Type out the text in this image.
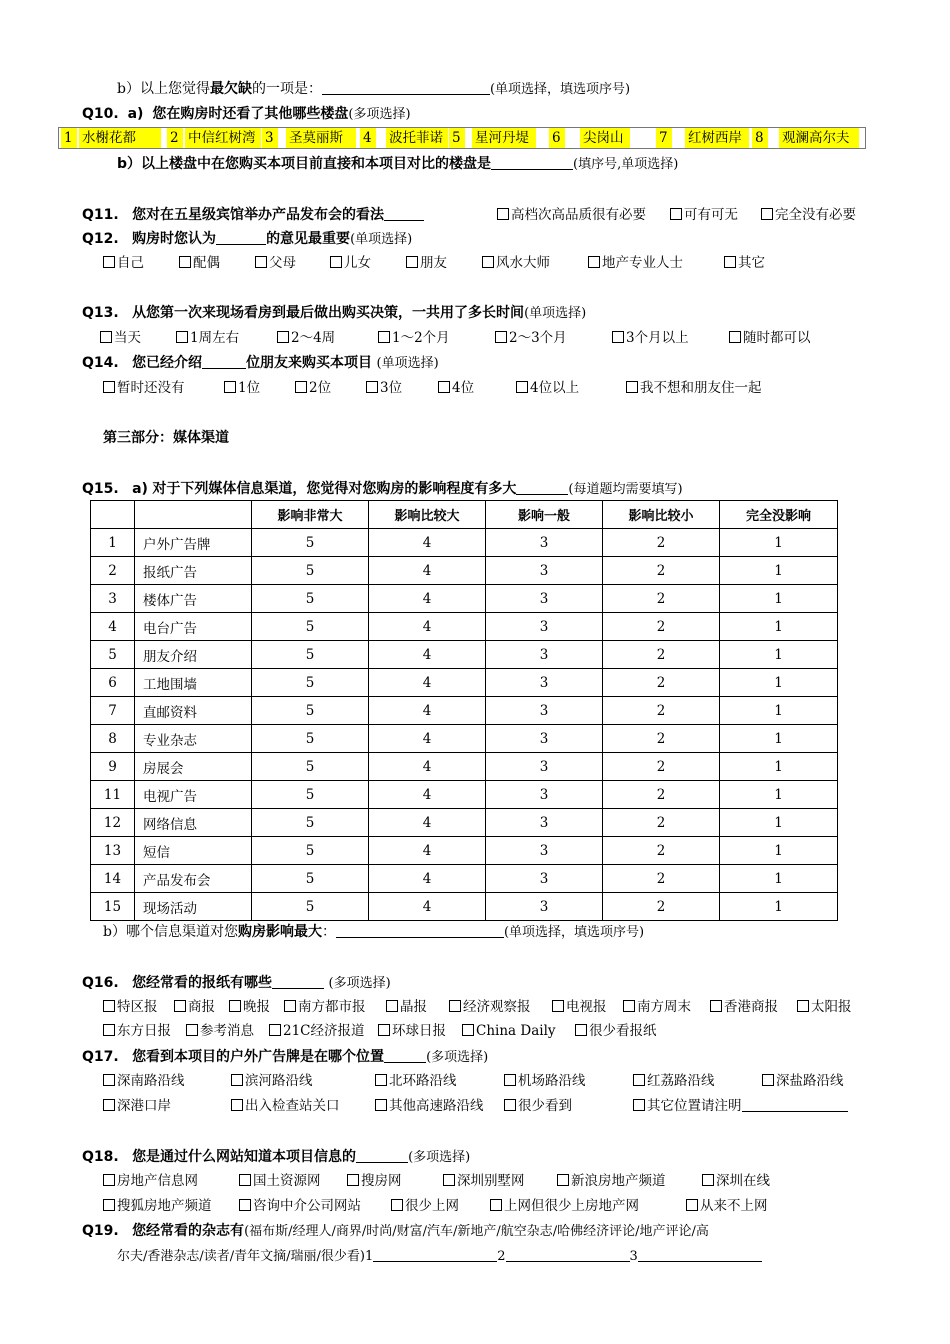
b）以上您觉得最欠缺的一项是：	(单项选择，填选项序号)
Q10. a) 您在购房时还看了其他哪些楼盘(多项选择)
1 水榭花都	2 中信红树湾 3	圣莫丽斯	4	波托菲诺 5	星河丹堤	6	尖岗山	7	红树西岸 8	观澜高尔夫
b）以上楼盘中在您购买本项目前直接和本项目对比的楼盘是	(填序号,单项选择)
Q11. 您对在五星级宾馆举办产品发布会的看法	高档次高品质很有必要	可有可无	完全没有必要
Q12. 购房时您认为	的意见最重要(单项选择)
自己	配偶	父母	儿女	朋友	风水大师	地产专业人士	其它
Q13. 从您第一次来现场看房到最后做出购买决策，一共用了多长时间(单项选择)
当天	1周左右	2～4周	1～2个月	2～3个月	3个月以上	随时都可以
Q14. 您已经介绍	位朋友来购买本项目 (单项选择)
暂时还没有	1位	2位	3位	4位	4位以上	我不想和朋友住一起
第三部分：媒体渠道
Q15. a) 对于下列媒体信息渠道，您觉得对您购房的影响程度有多大	(每道题均需要填写)
		影响非常大	影响比较大	影响一般	影响比较小	完全没影响
1	户外广告牌	5	4	3	2	1
2	报纸广告	5	4	3	2	1
3	楼体广告	5	4	3	2	1
4	电台广告	5	4	3	2	1
5	朋友介绍	5	4	3	2	1
6	工地围墙	5	4	3	2	1
7	直邮资料	5	4	3	2	1
8	专业杂志	5	4	3	2	1
9	房展会	5	4	3	2	1
11	电视广告	5	4	3	2	1
12	网络信息	5	4	3	2	1
13	短信	5	4	3	2	1
14	产品发布会	5	4	3	2	1
15	现场活动	5	4	3	2	1
b）哪个信息渠道对您购房影响最大：	(单项选择，填选项序号)
Q16. 您经常看的报纸有哪些	(多项选择)
特区报	商报	晚报	南方都市报	晶报	经济观察报	电视报	南方周末	香港商报	太阳报
东方日报	参考消息	21C经济报道	环球日报	China Daily	很少看报纸
Q17. 您看到本项目的户外广告牌是在哪个位置	(多项选择)
深南路沿线	滨河路沿线	北环路沿线	机场路沿线	红荔路沿线	深盐路沿线
深港口岸	出入检查站关口	其他高速路沿线	很少看到	其它位置请注明
Q18. 您是通过什么网站知道本项目信息的	(多项选择)
房地产信息网	国土资源网	搜房网	深圳别墅网	新浪房地产频道	深圳在线
搜狐房地产频道	咨询中介公司网站	很少上网	上网但很少上房地产网	从来不上网
Q19. 您经常看的杂志有(福布斯/经理人/商界/时尚/财富/汽车/新地产/航空杂志/哈佛经济评论/地产评论/高
尔夫/香港杂志/读者/青年文摘/瑞丽/很少看)1	2	3
